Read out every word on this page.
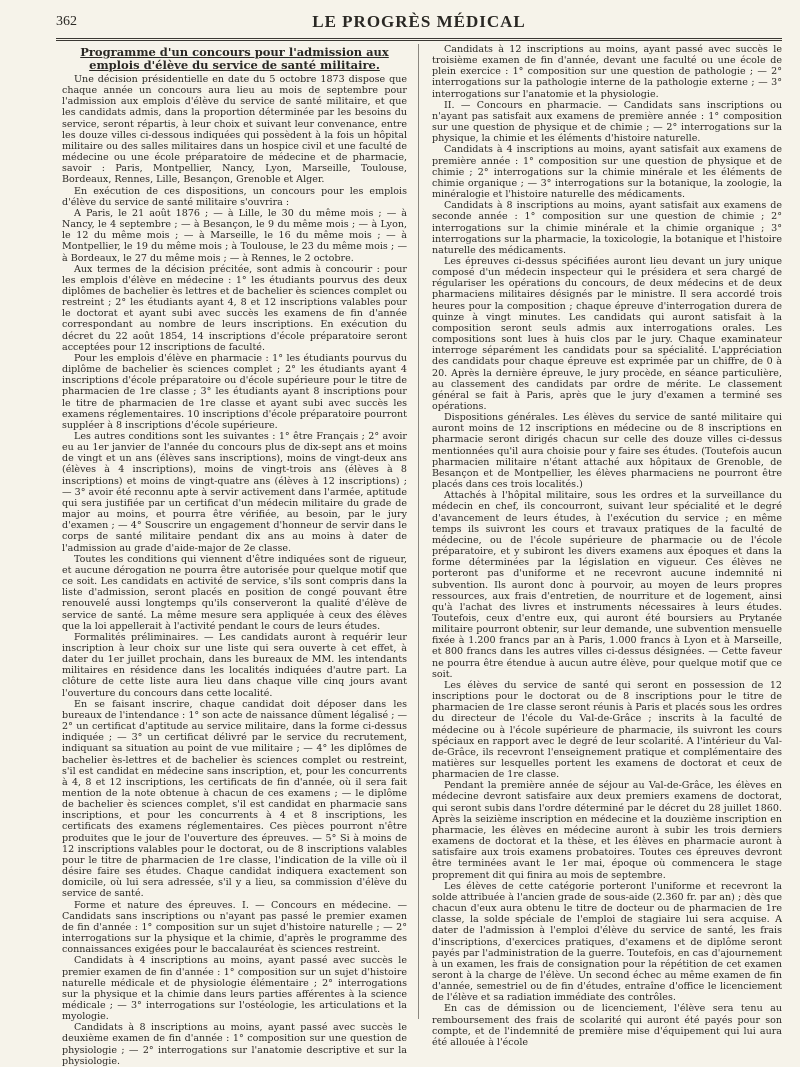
362	LE PROGRÈS MÉDICAL
Programme d'un concours pour l'admission aux emplois d'élève du service de santé militaire.

Une décision présidentielle en date du 5 octobre 1873 dispose que chaque année un concours aura lieu au mois de septembre pour l'admission aux emplois d'élève du service de santé militaire, et que les candidats admis, dans la proportion déterminée par les besoins du service, seront répartis, à leur choix et suivant leur convenance, entre les douze villes ci-dessous indiquées qui possèdent à la fois un hôpital militaire ou des salles militaires dans un hospice civil et une faculté de médecine ou une école préparatoire de médecine et de pharmacie, savoir : Paris, Montpellier, Nancy, Lyon, Marseille, Toulouse, Bordeaux, Rennes, Lille, Besançon, Grenoble et Alger.

En exécution de ces dispositions, un concours pour les emplois d'élève du service de santé militaire s'ouvrira :

A Paris, le 21 août 1876 ; — à Lille, le 30 du même mois ; — à Nancy, le 4 septembre ; — à Besançon, le 9 du même mois ; — à Lyon, le 12 du même mois ; — à Marseille, le 16 du même mois ; — à Montpellier, le 19 du même mois ; à Toulouse, le 23 du même mois ; — à Bordeaux, le 27 du même mois ; — à Rennes, le 2 octobre.

Aux termes de la décision précitée, sont admis à concourir : pour les emplois d'élève en médecine : 1° les étudiants pourvus des deux diplômes de bachelier ès lettres et de bachelier ès sciences complet ou restreint ; 2° les étudiants ayant 4, 8 et 12 inscriptions valables pour le doctorat et ayant subi avec succès les examens de fin d'année correspondant au nombre de leurs inscriptions. En exécution du décret du 22 août 1854, 14 inscriptions d'école préparatoire seront acceptées pour 12 inscriptions de faculté.

Pour les emplois d'élève en pharmacie : 1° les étudiants pourvus du diplôme de bachelier ès sciences complet ; 2° les étudiants ayant 4 inscriptions d'école préparatoire ou d'école supérieure pour le titre de pharmacien de 1re classe ; 3° les étudiants ayant 8 inscriptions pour le titre de pharmacien de 1re classe et ayant subi avec succès les examens réglementaires. 10 inscriptions d'école préparatoire pourront suppléer à 8 inscriptions d'école supérieure.

Les autres conditions sont les suivantes : 1° être Français ; 2° avoir eu au 1er janvier de l'année du concours plus de dix-sept ans et moins de vingt et un ans (élèves sans inscriptions), moins de vingt-deux ans (élèves à 4 inscriptions), moins de vingt-trois ans (élèves à 8 inscriptions) et moins de vingt-quatre ans (élèves à 12 inscriptions) ; — 3° avoir été reconnu apte à servir activement dans l'armée, aptitude qui sera justifiée par un certificat d'un médecin militaire du grade de major au moins, et pourra être vérifiée, au besoin, par le jury d'examen ; — 4° Souscrire un engagement d'honneur de servir dans le corps de santé militaire pendant dix ans au moins à dater de l'admission au grade d'aide-major de 2e classe.

Toutes les conditions qui viennent d'être indiquées sont de rigueur, et aucune dérogation ne pourra être autorisée pour quelque motif que ce soit. Les candidats en activité de service, s'ils sont compris dans la liste d'admission, seront placés en position de congé pouvant être renouvelé aussi longtemps qu'ils conserveront la qualité d'élève de service de santé. La même mesure sera appliquée à ceux des élèves que la loi appellerait à l'activité pendant le cours de leurs études.

Formalités préliminaires. — Les candidats auront à requérir leur inscription à leur choix sur une liste qui sera ouverte à cet effet, à dater du 1er juillet prochain, dans les bureaux de MM. les intendants militaires en résidence dans les localités indiquées d'autre part. La clôture de cette liste aura lieu dans chaque ville cinq jours avant l'ouverture du concours dans cette localité.

En se faisant inscrire, chaque candidat doit déposer dans les bureaux de l'intendance : 1° son acte de naissance dûment légalisé ; — 2° un certificat d'aptitude au service militaire, dans la forme ci-dessus indiquée ; — 3° un certificat délivré par le service du recrutement, indiquant sa situation au point de vue militaire ; — 4° les diplômes de bachelier ès-lettres et de bachelier ès sciences complet ou restreint, s'il est candidat en médecine sans inscription, et, pour les concurrents à 4, 8 et 12 inscriptions, les certificats de fin d'année, où il sera fait mention de la note obtenue à chacun de ces examens ; — le diplôme de bachelier ès sciences complet, s'il est candidat en pharmacie sans inscriptions, et pour les concurrents à 4 et 8 inscriptions, les certificats des examens réglementaires. Ces pièces pourront n'être produites que le jour de l'ouverture des épreuves. — 5° Si à moins de 12 inscriptions valables pour le doctorat, ou de 8 inscriptions valables pour le titre de pharmacien de 1re classe, l'indication de la ville où il désire faire ses études. Chaque candidat indiquera exactement son domicile, où lui sera adressée, s'il y a lieu, sa commission d'élève du service de santé.

Forme et nature des épreuves. I. — Concours en médecine. — Candidats sans inscriptions ou n'ayant pas passé le premier examen de fin d'année : 1° composition sur un sujet d'histoire naturelle ; — 2° interrogations sur la physique et la chimie, d'après le programme des connaissances exigées pour le baccalauréat ès sciences restreint.

Candidats à 4 inscriptions au moins, ayant passé avec succès le premier examen de fin d'année : 1° composition sur un sujet d'histoire naturelle médicale et de physiologie élémentaire ; 2° interrogations sur la physique et la chimie dans leurs parties afférentes à la science médicale ; — 3° interrogations sur l'ostéologie, les articulations et la myologie.

Candidats à 8 inscriptions au moins, ayant passé avec succès le deuxième examen de fin d'année : 1° composition sur une question de physiologie ; — 2° interrogations sur l'anatomie descriptive et sur la physiologie.

Candidats à 12 inscriptions au moins, ayant passé avec succès le troisième examen de fin d'année, devant une faculté ou une école de plein exercice : 1° composition sur une question de pathologie ; — 2° interrogations sur la pathologie interne de la pathologie externe ; — 3° interrogations sur l'anatomie et la physiologie.

II. — Concours en pharmacie. — Candidats sans inscriptions ou n'ayant pas satisfait aux examens de première année : 1° composition sur une question de physique et de chimie ; — 2° interrogations sur la physique, la chimie et les éléments d'histoire naturelle.

Candidats à 4 inscriptions au moins, ayant satisfait aux examens de première année : 1° composition sur une question de physique et de chimie ; 2° interrogations sur la chimie minérale et les éléments de chimie organique ; — 3° interrogations sur la botanique, la zoologie, la minéralogie et l'histoire naturelle des médicaments.

Candidats à 8 inscriptions au moins, ayant satisfait aux examens de seconde année : 1° composition sur une question de chimie ; 2° interrogations sur la chimie minérale et la chimie organique ; 3° interrogations sur la pharmacie, la toxicologie, la botanique et l'histoire naturelle des médicaments.

Les épreuves ci-dessus spécifiées auront lieu devant un jury unique composé d'un médecin inspecteur qui le présidera et sera chargé de régulariser les opérations du concours, de deux médecins et de deux pharmaciens militaires désignés par le ministre. Il sera accordé trois heures pour la composition ; chaque épreuve d'interrogation durera de quinze à vingt minutes. Les candidats qui auront satisfait à la composition seront seuls admis aux interrogations orales. Les compositions sont lues à huis clos par le jury. Chaque examinateur interroge séparément les candidats pour sa spécialité. L'appréciation des candidats pour chaque épreuve est exprimée par un chiffre, de 0 à 20. Après la dernière épreuve, le jury procède, en séance particulière, au classement des candidats par ordre de mérite. Le classement général se fait à Paris, après que le jury d'examen a terminé ses opérations.

Dispositions générales. Les élèves du service de santé militaire qui auront moins de 12 inscriptions en médecine ou de 8 inscriptions en pharmacie seront dirigés chacun sur celle des douze villes ci-dessus mentionnées qu'il aura choisie pour y faire ses études. (Toutefois aucun pharmacien militaire n'étant attaché aux hôpitaux de Grenoble, de Besançon et de Montpellier, les élèves pharmaciens ne pourront être placés dans ces trois localités.)

Attachés à l'hôpital militaire, sous les ordres et la surveillance du médecin en chef, ils concourront, suivant leur spécialité et le degré d'avancement de leurs études, à l'exécution du service ; en même temps ils suivront les cours et travaux pratiques de la faculté de médecine, ou de l'école supérieure de pharmacie ou de l'école préparatoire, et y subiront les divers examens aux époques et dans la forme déterminées par la législation en vigueur. Ces élèves ne porteront pas d'uniforme et ne recevront aucune indemnité ni subvention. Ils auront donc à pourvoir, au moyen de leurs propres ressources, aux frais d'entretien, de nourriture et de logement, ainsi qu'à l'achat des livres et instruments nécessaires à leurs études. Toutefois, ceux d'entre eux, qui auront été boursiers au Prytanée militaire pourront obtenir, sur leur demande, une subvention mensuelle fixée à 1.200 francs par an à Paris, 1.000 francs à Lyon et à Marseille, et 800 francs dans les autres villes ci-dessus désignées. — Cette faveur ne pourra être étendue à aucun autre élève, pour quelque motif que ce soit.

Les élèves du service de santé qui seront en possession de 12 inscriptions pour le doctorat ou de 8 inscriptions pour le titre de pharmacien de 1re classe seront réunis à Paris et placés sous les ordres du directeur de l'école du Val-de-Grâce ; inscrits à la faculté de médecine ou à l'école supérieure de pharmacie, ils suivront les cours spéciaux en rapport avec le degré de leur scolarité. A l'intérieur du Val-de-Grâce, ils recevront l'enseignement pratique et complémentaire des matières sur lesquelles portent les examens de doctorat et ceux de pharmacien de 1re classe.

Pendant la première année de séjour au Val-de-Grâce, les élèves en médecine devront satisfaire aux deux premiers examens de doctorat, qui seront subis dans l'ordre déterminé par le décret du 28 juillet 1860. Après la seizième inscription en médecine et la douzième inscription en pharmacie, les élèves en médecine auront à subir les trois derniers examens de doctorat et la thèse, et les élèves en pharmacie auront à satisfaire aux trois examens probatoires. Toutes ces épreuves devront être terminées avant le 1er mai, époque où commencera le stage proprement dit qui finira au mois de septembre.

Les élèves de cette catégorie porteront l'uniforme et recevront la solde attribuée à l'ancien grade de sous-aide (2.360 fr. par an) ; dès que chacun d'eux aura obtenu le titre de docteur ou de pharmacien de 1re classe, la solde spéciale de l'emploi de stagiaire lui sera acquise. A dater de l'admission à l'emploi d'élève du service de santé, les frais d'inscriptions, d'exercices pratiques, d'examens et de diplôme seront payés par l'administration de la guerre. Toutefois, en cas d'ajournement à un examen, les frais de consignation pour la répétition de cet examen seront à la charge de l'élève. Un second échec au même examen de fin d'année, semestriel ou de fin d'études, entraîne d'office le licenciement de l'élève et sa radiation immédiate des contrôles.

En cas de démission ou de licenciement, l'élève sera tenu au remboursement des frais de scolarité qui auront été payés pour son compte, et de l'indemnité de première mise d'équipement qui lui aura été allouée à l'école
